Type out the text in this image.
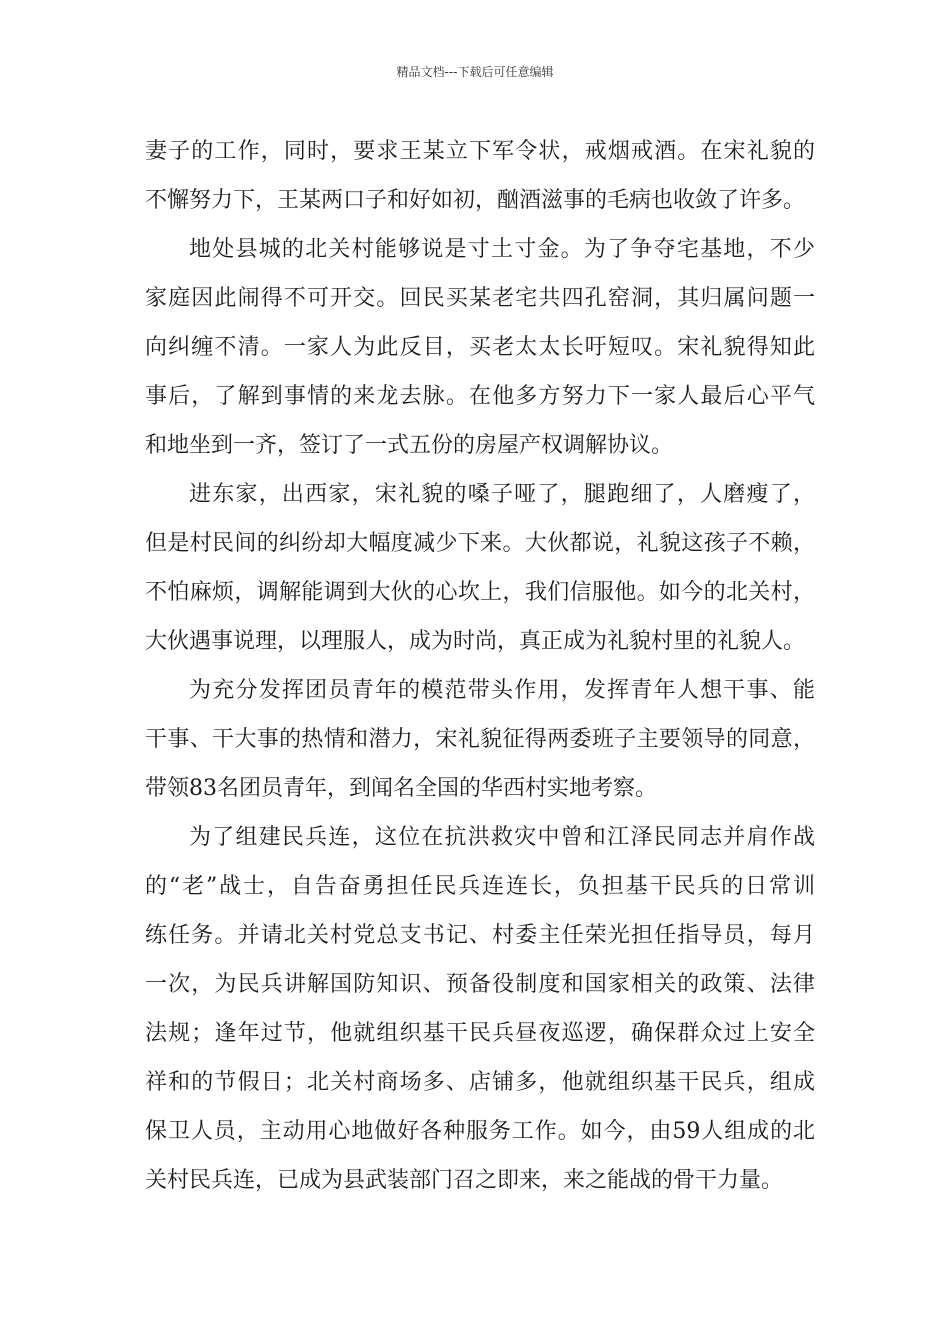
精品文档---下载后可任意编辑
妻子的工作，同时，要求王某立下军令状，戒烟戒酒。在宋礼貌的
不懈努力下，王某两口子和好如初，酗酒滋事的毛病也收敛了许多。
地处县城的北关村能够说是寸土寸金。为了争夺宅基地，不少
家庭因此闹得不可开交。回民买某老宅共四孔窑洞，其归属问题一
向纠缠不清。一家人为此反目，买老太太长吁短叹。宋礼貌得知此
事后，了解到事情的来龙去脉。在他多方努力下一家人最后心平气
和地坐到一齐，签订了一式五份的房屋产权调解协议。
进东家，出西家，宋礼貌的嗓子哑了，腿跑细了，人磨瘦了，
但是村民间的纠纷却大幅度减少下来。大伙都说，礼貌这孩子不赖，
不怕麻烦，调解能调到大伙的心坎上，我们信服他。如今的北关村，
大伙遇事说理，以理服人，成为时尚，真正成为礼貌村里的礼貌人。
为充分发挥团员青年的模范带头作用，发挥青年人想干事、能
干事、干大事的热情和潜力，宋礼貌征得两委班子主要领导的同意，
带领83名团员青年，到闻名全国的华西村实地考察。
为了组建民兵连，这位在抗洪救灾中曾和江泽民同志并肩作战
的“老”战士，自告奋勇担任民兵连连长，负担基干民兵的日常训
练任务。并请北关村党总支书记、村委主任荣光担任指导员，每月
一次，为民兵讲解国防知识、预备役制度和国家相关的政策、法律
法规；逢年过节，他就组织基干民兵昼夜巡逻，确保群众过上安全
祥和的节假日；北关村商场多、店铺多，他就组织基干民兵，组成
保卫人员，主动用心地做好各种服务工作。如今，由59人组成的北
关村民兵连，已成为县武装部门召之即来，来之能战的骨干力量。
